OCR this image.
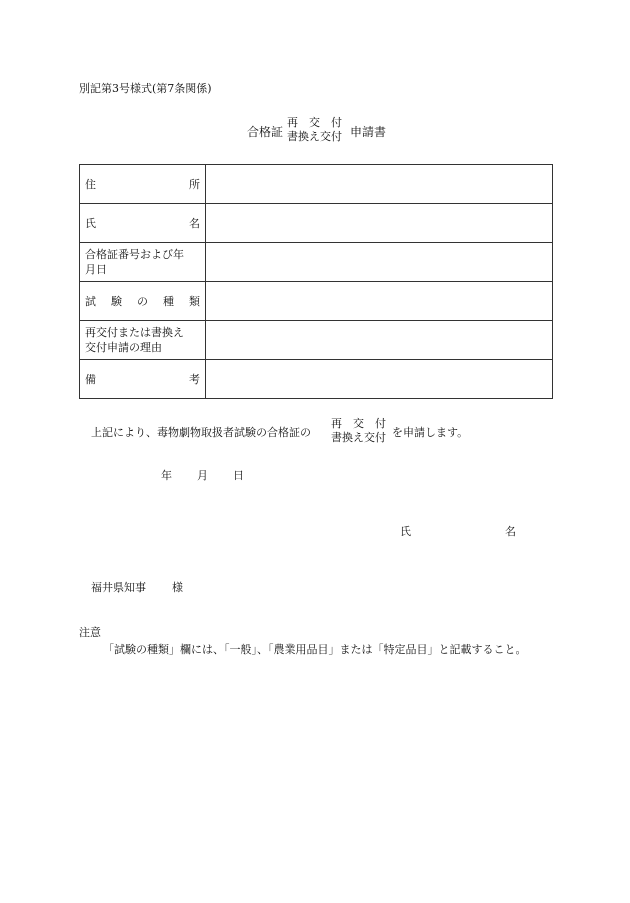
別記第3号様式(第7条関係)
合格証
再　交　付
書換え交付 申請書
住 所	

氏 名	

合格証番号および年
月日	

試 験 の 種 類	

再交付または書換え
交付申請の理由	

備 考	

上記により、毒物劇物取扱者試験の合格証の
再　交　付
書換え交付 を申請します。
年 月 日
氏	名
福井県知事 様
注意
「試験の種類」欄には、「一般」、「農業用品目」または「特定品目」と記載すること。
